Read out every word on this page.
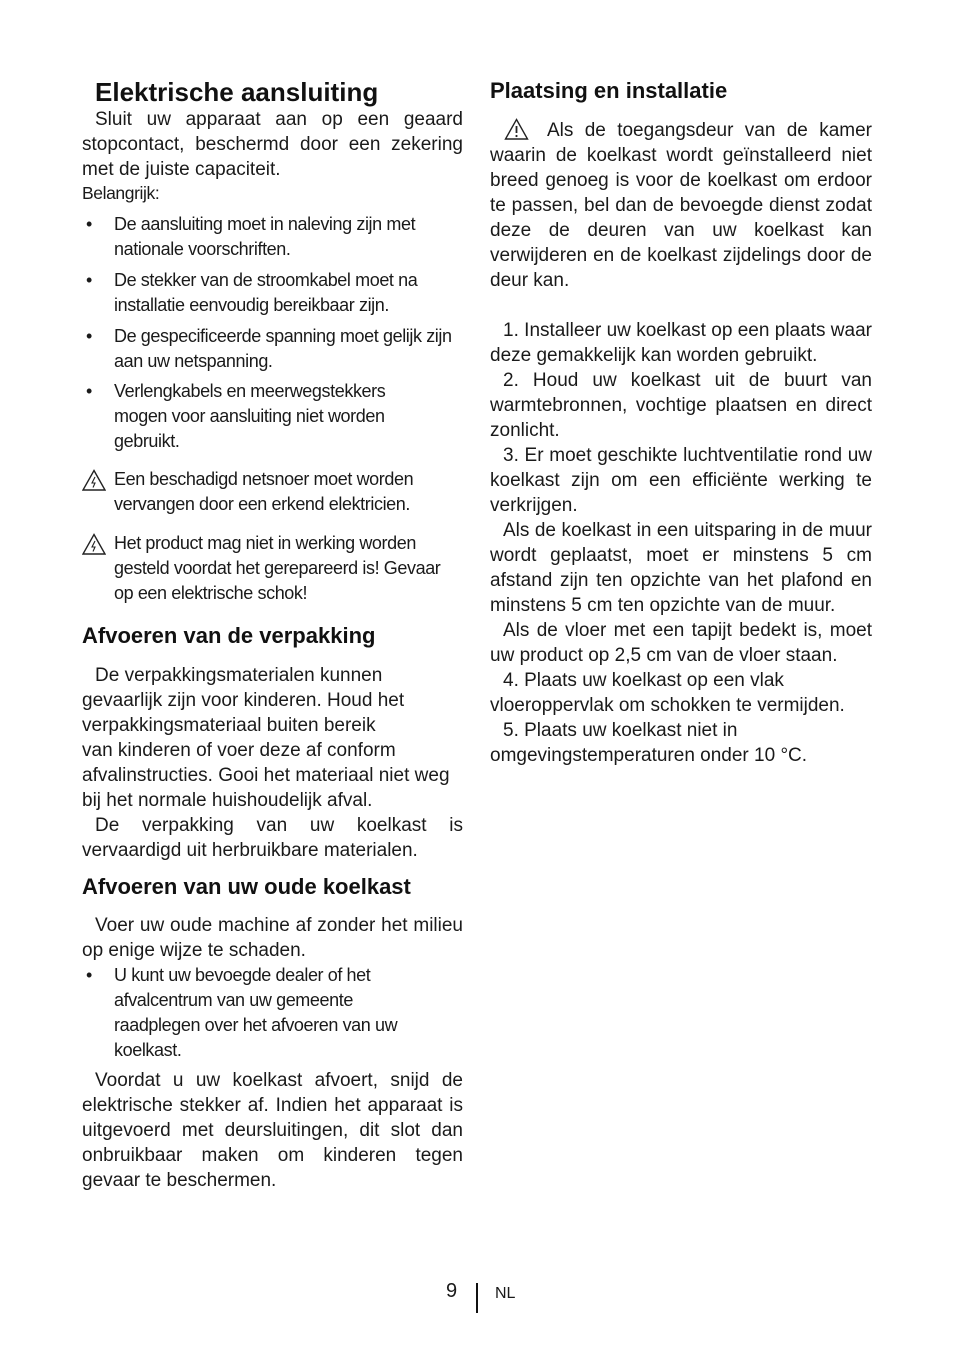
Elektrische aansluiting

Sluit uw apparaat aan op een geaard stopcontact, beschermd door een zekering met de juiste capaciteit.

Belangrijk:
• De aansluiting moet in naleving zijn met nationale voorschriften.
• De stekker van de stroomkabel moet na installatie eenvoudig bereikbaar zijn.
• De gespecificeerde spanning moet gelijk zijn aan uw netspanning.
• Verlengkabels en meerwegstekkers mogen voor aansluiting niet worden gebruikt.
Een beschadigd netsnoer moet worden vervangen door een erkend elektricien.
Het product mag niet in werking worden gesteld voordat het gerepareerd is! Gevaar op een elektrische schok!
Afvoeren van de verpakking
De verpakkingsmaterialen kunnen
gevaarlijk zijn voor kinderen. Houd het
verpakkingsmateriaal buiten bereik
van kinderen of voer deze af conform
afvalinstructies. Gooi het materiaal niet weg
bij het normale huishoudelijk afval.

De verpakking van uw koelkast is vervaardigd uit herbruikbare materialen.

Afvoeren van uw oude koelkast

Voer uw oude machine af zonder het milieu op enige wijze te schaden.

• U kunt uw bevoegde dealer of het afvalcentrum van uw gemeente raadplegen over het afvoeren van uw koelkast.

Voordat u uw koelkast afvoert, snijd de elektrische stekker af. Indien het apparaat is uitgevoerd met deursluitingen, dit slot dan onbruikbaar maken om kinderen tegen gevaar te beschermen.

Plaatsing en installatie

Als de toegangsdeur van de kamer waarin de koelkast wordt geïnstalleerd niet breed genoeg is voor de koelkast om erdoor te passen, bel dan de bevoegde dienst zodat deze de deuren van uw koelkast kan verwijderen en de koelkast zijdelings door de deur kan.

1. Installeer uw koelkast op een plaats waar deze gemakkelijk kan worden gebruikt.

2. Houd uw koelkast uit de buurt van warmtebronnen, vochtige plaatsen en direct zonlicht.

3. Er moet geschikte luchtventilatie rond uw koelkast zijn om een efficiënte werking te verkrijgen.

Als de koelkast in een uitsparing in de muur wordt geplaatst, moet er minstens 5 cm afstand zijn ten opzichte van het plafond en minstens 5 cm ten opzichte van de muur.

Als de vloer met een tapijt bedekt is, moet uw product op 2,5 cm van de vloer staan.

4. Plaats uw koelkast op een vlak vloeroppervlak om schokken te vermijden.

5. Plaats uw koelkast niet in omgevingstemperaturen onder 10 °C.

9 NL
